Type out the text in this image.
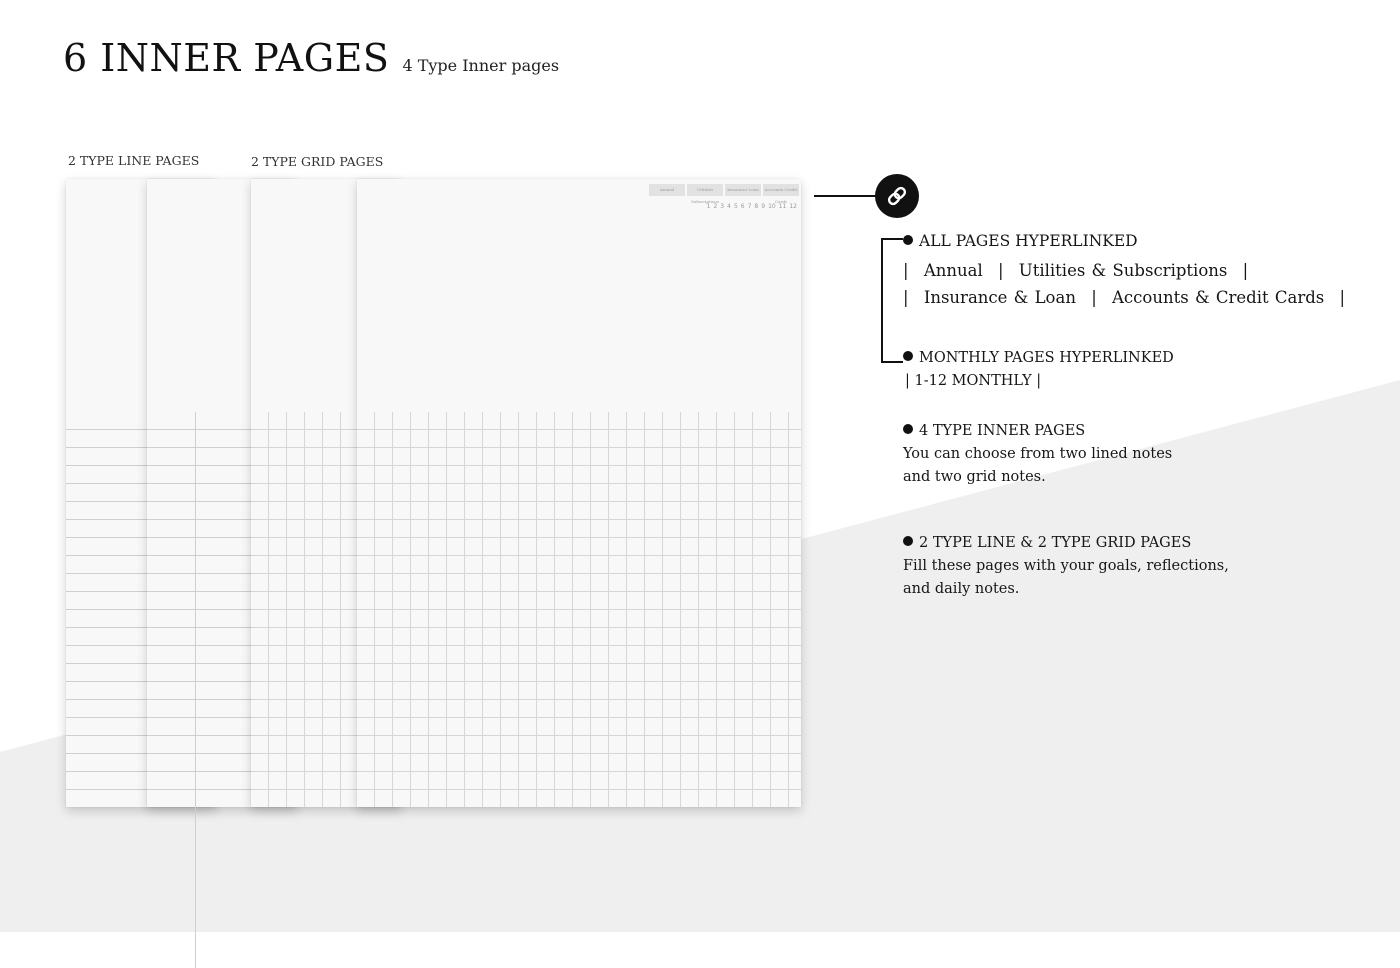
6 INNER PAGES 4 Type Inner pages
2 TYPE LINE PAGES	2 TYPE GRID PAGES
Annual	Utilities Subscriptions
Insurance Loan	Accounts Credit Cards
1 2 3 4 5 6 7 8 9 10 11 12
ALL PAGES HYPERLINKED
| Annual | Utilities & Subscriptions |
| Insurance & Loan | Accounts & Credit Cards |
MONTHLY PAGES HYPERLINKED
| 1-12 MONTHLY |
4 TYPE INNER PAGES
You can choose from two lined notes
and two grid notes.
2 TYPE LINE & 2 TYPE GRID PAGES
Fill these pages with your goals, reflections,
and daily notes.
